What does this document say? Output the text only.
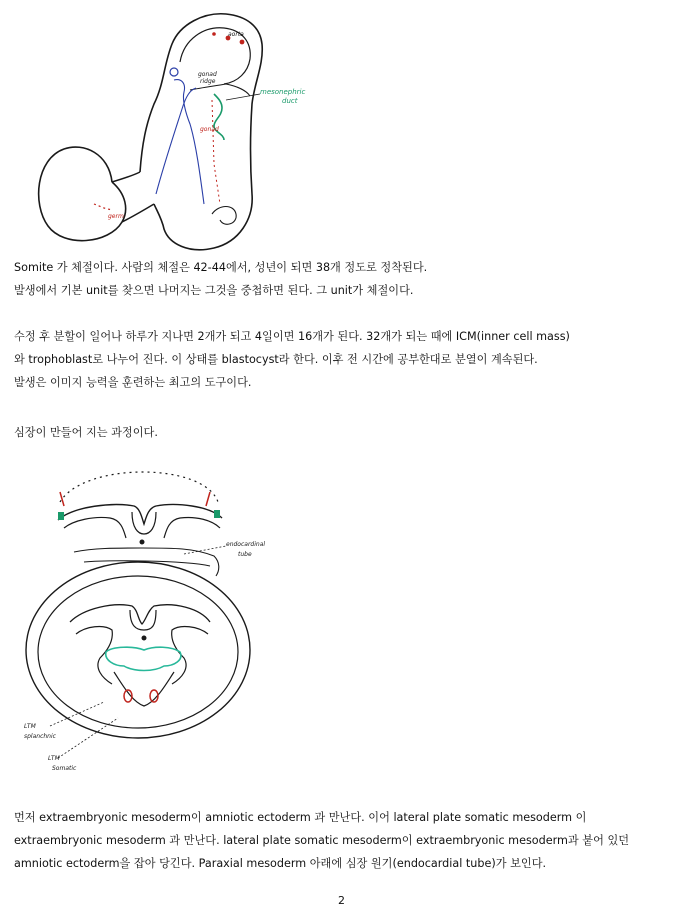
aorta
mesonephric
duct
gonad
ridge
gonad
germ
Somite 가 체절이다. 사람의 체절은 42-44에서, 성년이 되면 38개 정도로 정착된다.
발생에서 기본 unit를 찾으면 나머지는 그것을 중첩하면 된다. 그 unit가 체절이다.
수정 후 분할이 일어나 하루가 지나면 2개가 되고 4일이면 16개가 된다. 32개가 되는 때에 ICM(inner cell mass)
와 trophoblast로 나누어 진다. 이 상태를 blastocyst라 한다. 이후 전 시간에 공부한대로 분열이 계속된다.
발생은 이미지 능력을 훈련하는 최고의 도구이다.
심장이 만들어 지는 과정이다.
endocardinal
tube
LTM
splanchnic
LTM
Somatic
먼저 extraembryonic mesoderm이 amniotic ectoderm 과 만난다. 이어 lateral plate somatic mesoderm 이
extraembryonic mesoderm 과 만난다. lateral plate somatic mesoderm이 extraembryonic mesoderm과 붙어 있던
amniotic ectoderm을 잡아 당긴다. Paraxial mesoderm 아래에 심장 원기(endocardial tube)가 보인다.
2
